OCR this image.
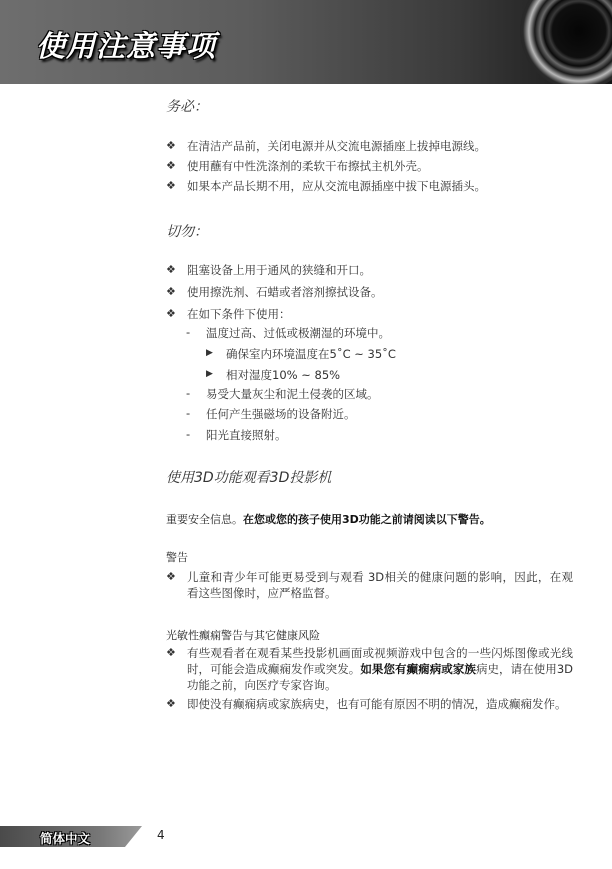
使用注意事项
务必：
❖ 在清洁产品前，关闭电源并从交流电源插座上拔掉电源线。
❖ 使用蘸有中性洗涤剂的柔软干布擦拭主机外壳。
❖ 如果本产品长期不用，应从交流电源插座中拔下电源插头。
切勿：
❖ 阻塞设备上用于通风的狭缝和开口。
❖ 使用擦洗剂、石蜡或者溶剂擦拭设备。
❖ 在如下条件下使用：
- 温度过高、过低或极潮湿的环境中。
▶ 确保室内环境温度在5˚C ~ 35˚C
▶ 相对湿度10% ~ 85%
- 易受大量灰尘和泥土侵袭的区域。
- 任何产生强磁场的设备附近。
- 阳光直接照射。
使用3D功能观看3D投影机
重要安全信息。在您或您的孩子使用3D功能之前请阅读以下警告。
警告
❖ 儿童和青少年可能更易受到与观看 3D相关的健康问题的影响，因此，在观看这些图像时，应严格监督。
光敏性癫痫警告与其它健康风险
❖ 有些观看者在观看某些投影机画面或视频游戏中包含的一些闪烁图像或光线时，可能会造成癫痫发作或突发。如果您有癫痫病或家族病史，请在使用3D功能之前，向医疗专家咨询。
❖ 即使没有癫痫病或家族病史，也有可能有原因不明的情况，造成癫痫发作。
简体中文	4
